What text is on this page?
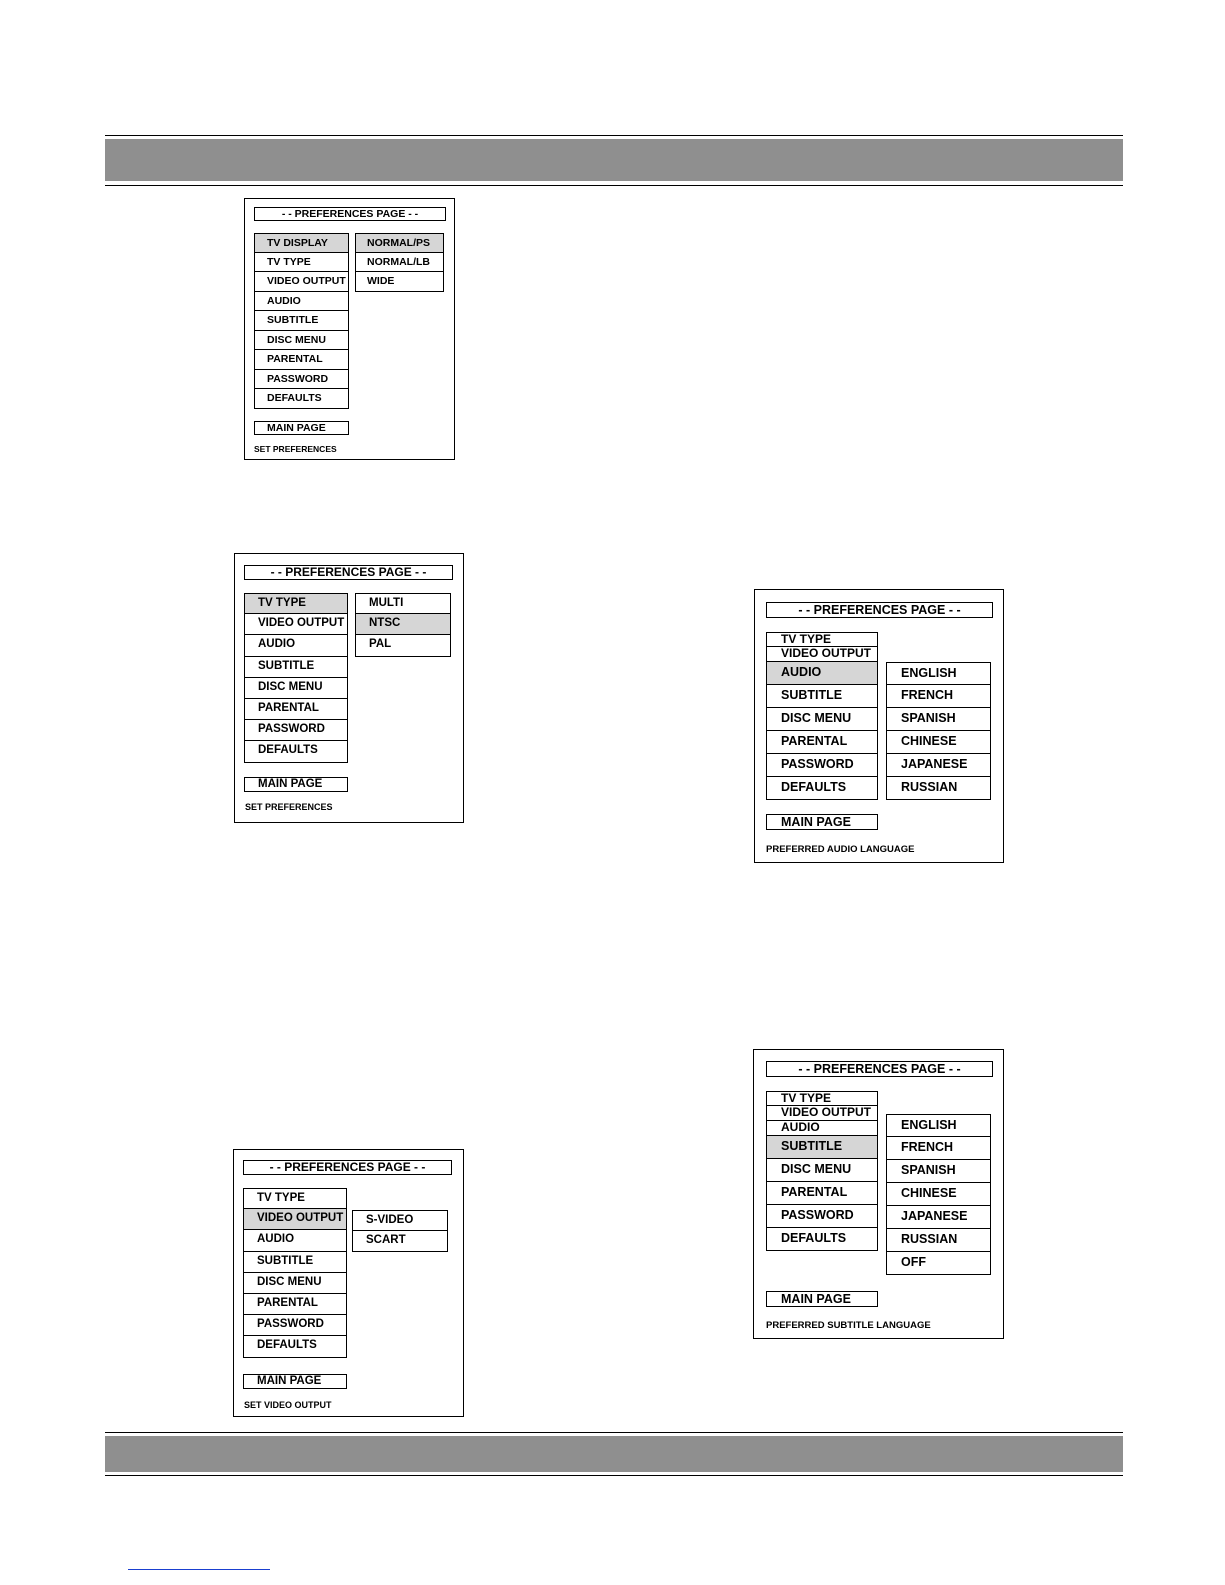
- - PREFERENCES PAGE - -
TV DISPLAY
TV TYPE
VIDEO OUTPUT
AUDIO
SUBTITLE
DISC MENU
PARENTAL
PASSWORD
DEFAULTS
NORMAL/PS
NORMAL/LB
WIDE
MAIN PAGE
SET PREFERENCES
- - PREFERENCES PAGE - -
TV TYPE
VIDEO OUTPUT
AUDIO
SUBTITLE
DISC MENU
PARENTAL
PASSWORD
DEFAULTS
MULTI
NTSC
PAL
MAIN PAGE
SET PREFERENCES
- - PREFERENCES PAGE - -
TV TYPE
VIDEO OUTPUT
AUDIO
SUBTITLE
DISC MENU
PARENTAL
PASSWORD
DEFAULTS
S-VIDEO
SCART
MAIN PAGE
SET VIDEO OUTPUT
- - PREFERENCES PAGE - -
TV TYPE
VIDEO OUTPUT
AUDIO
SUBTITLE
DISC MENU
PARENTAL
PASSWORD
DEFAULTS
ENGLISH
FRENCH
SPANISH
CHINESE
JAPANESE
RUSSIAN
MAIN PAGE
PREFERRED AUDIO LANGUAGE
- - PREFERENCES PAGE - -
TV TYPE
VIDEO OUTPUT
AUDIO
SUBTITLE
DISC MENU
PARENTAL
PASSWORD
DEFAULTS
ENGLISH
FRENCH
SPANISH
CHINESE
JAPANESE
RUSSIAN
OFF
MAIN PAGE
PREFERRED SUBTITLE LANGUAGE
